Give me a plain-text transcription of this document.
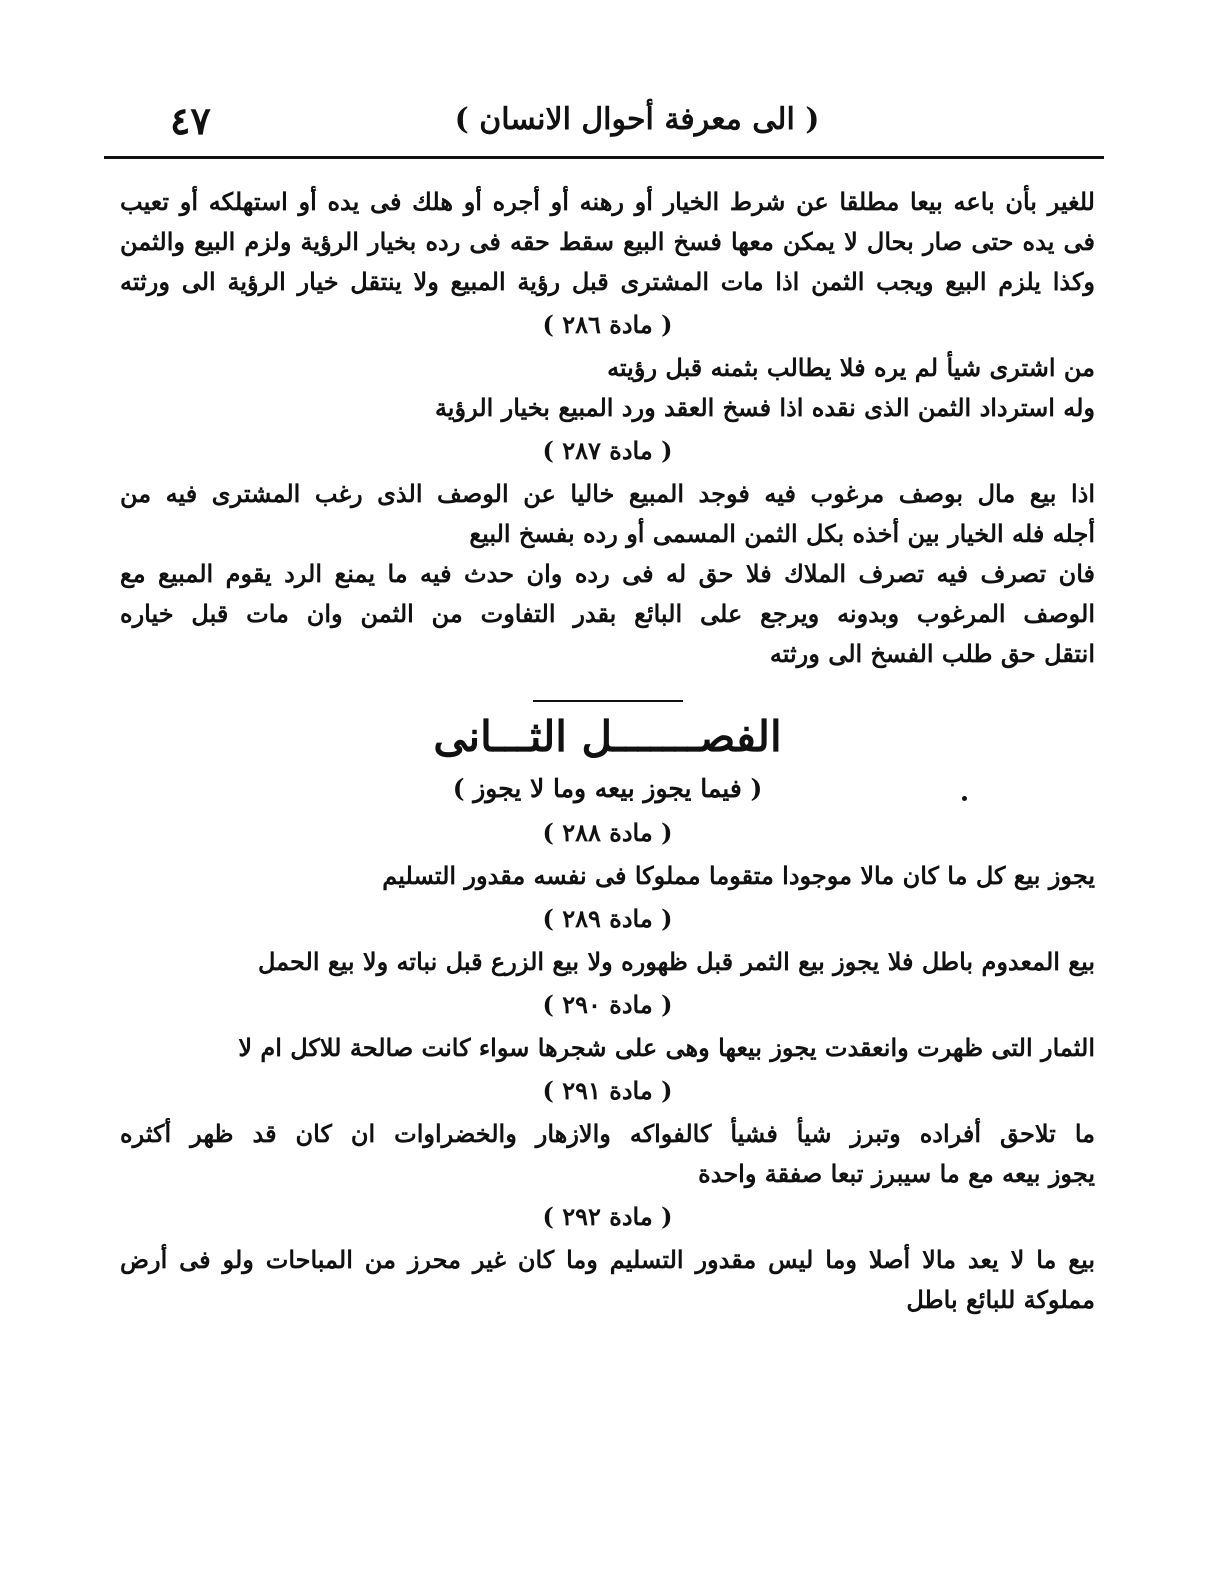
٤٧	( الى معرفة أحوال الانسان )
للغير بأن باعه بيعا مطلقا عن شرط الخيار أو رهنه أو أجره أو هلك فى يده أو استهلكه أو تعيب
فى يده حتى صار بحال لا يمكن معها فسخ البيع سقط حقه فى رده بخيار الرؤية ولزم البيع والثمن
وكذا يلزم البيع ويجب الثمن اذا مات المشترى قبل رؤية المبيع ولا ينتقل خيار الرؤية الى ورثته
( مادة ٢٨٦ )
من اشترى شيأ لم يره فلا يطالب بثمنه قبل رؤيته
وله استرداد الثمن الذى نقده اذا فسخ العقد ورد المبيع بخيار الرؤية
( مادة ٢٨٧ )
اذا بيع مال بوصف مرغوب فيه فوجد المبيع خاليا عن الوصف الذى رغب المشترى فيه من
أجله فله الخيار بين أخذه بكل الثمن المسمى أو رده بفسخ البيع
فان تصرف فيه تصرف الملاك فلا حق له فى رده وان حدث فيه ما يمنع الرد يقوم المبيع مع
الوصف المرغوب وبدونه ويرجع على البائع بقدر التفاوت من الثمن وان مات قبل خياره
انتقل حق طلب الفسخ الى ورثته
الفصـــــــل الثـــانى
( فيما يجوز بيعه وما لا يجوز )
( مادة ٢٨٨ )
يجوز بيع كل ما كان مالا موجودا متقوما مملوكا فى نفسه مقدور التسليم
( مادة ٢٨٩ )
بيع المعدوم باطل فلا يجوز بيع الثمر قبل ظهوره ولا بيع الزرع قبل نباته ولا بيع الحمل
( مادة ٢٩٠ )
الثمار التى ظهرت وانعقدت يجوز بيعها وهى على شجرها سواء كانت صالحة للاكل ام لا
( مادة ٢٩١ )
ما تلاحق أفراده وتبرز شيأ فشيأ كالفواكه والازهار والخضراوات ان كان قد ظهر أكثره
يجوز بيعه مع ما سيبرز تبعا صفقة واحدة
( مادة ٢٩٢ )
بيع ما لا يعد مالا أصلا وما ليس مقدور التسليم وما كان غير محرز من المباحات ولو فى أرض
مملوكة للبائع باطل
